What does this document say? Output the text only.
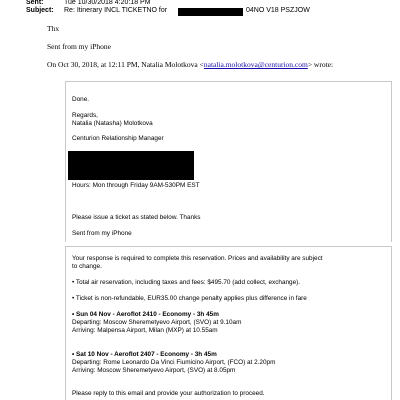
Sent:	Tue 10/30/2018 4:20:18 PM
Subject: Re: Itinerary INCL TICKETNO for	04NO V18 PSZJOW
Thx
Sent from my iPhone
On Oct 30, 2018, at 12:11 PM, Natalia Molotkova <natalia.molotkova@centurion.com> wrote:
Done.
Regards,
Natalia (Natasha) Molotkova
Centurion Relationship Manager
Hours: Mon through Friday 9AM-530PM EST
Please issue a ticket as stated below. Thanks
Sent from my iPhone
Your response is required to complete this reservation. Prices and availability are subject
to change.
• Total air reservation, including taxes and fees: $495.70 (add collect, exchange).
• Ticket is non-refundable, EUR35.00 change penalty applies plus difference in fare
• Sun 04 Nov - Aeroflot 2410 - Economy - 3h 45m
Departing: Moscow Sheremetyevo Airport, (SVO) at 9.10am
Arriving: Malpensa Airport, Milan (MXP) at 10.55am
• Sat 10 Nov - Aeroflot 2407 - Economy - 3h 45m
Departing: Rome Leonardo Da Vinci Fiumicino Airport, (FCO) at 2.20pm
Arriving: Moscow Sheremetyevo Airport, (SVO) at 8.05pm
Please reply to this email and provide your authorization to proceed.
